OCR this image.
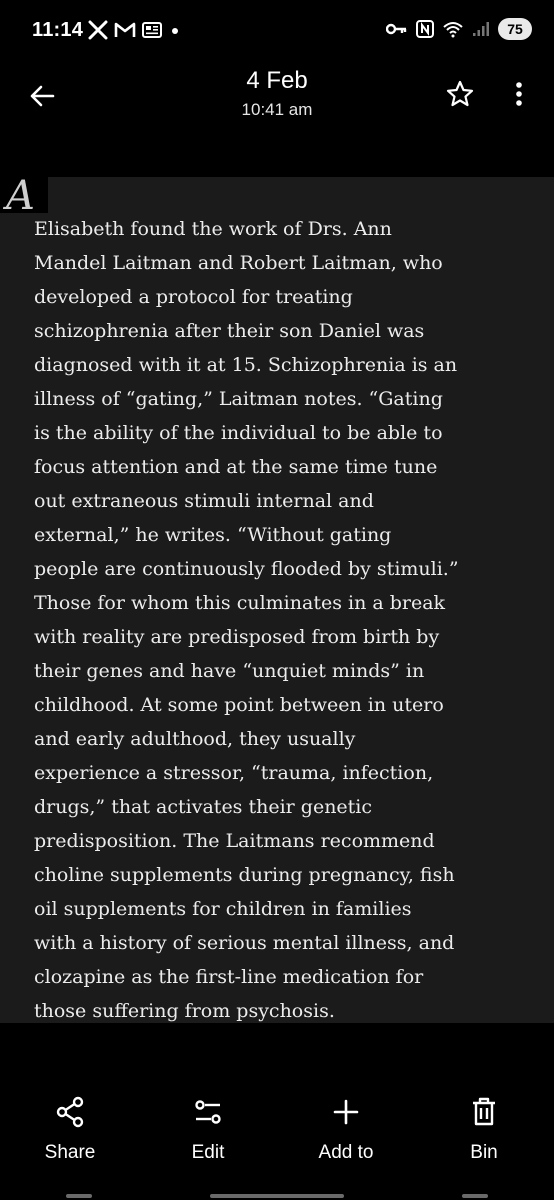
11:14	75
4 Feb
10:41 am
A
Elisabeth found the work of Drs. Ann
Mandel Laitman and Robert Laitman, who
developed a protocol for treating
schizophrenia after their son Daniel was
diagnosed with it at 15. Schizophrenia is an
illness of “gating,” Laitman notes. “Gating
is the ability of the individual to be able to
focus attention and at the same time tune
out extraneous stimuli internal and
external,” he writes. “Without gating
people are continuously flooded by stimuli.”
Those for whom this culminates in a break
with reality are predisposed from birth by
their genes and have “unquiet minds” in
childhood. At some point between in utero
and early adulthood, they usually
experience a stressor, “trauma, infection,
drugs,” that activates their genetic
predisposition. The Laitmans recommend
choline supplements during pregnancy, fish
oil supplements for children in families
with a history of serious mental illness, and
clozapine as the first-line medication for
those suffering from psychosis.
Share	Edit	Add to	Bin
